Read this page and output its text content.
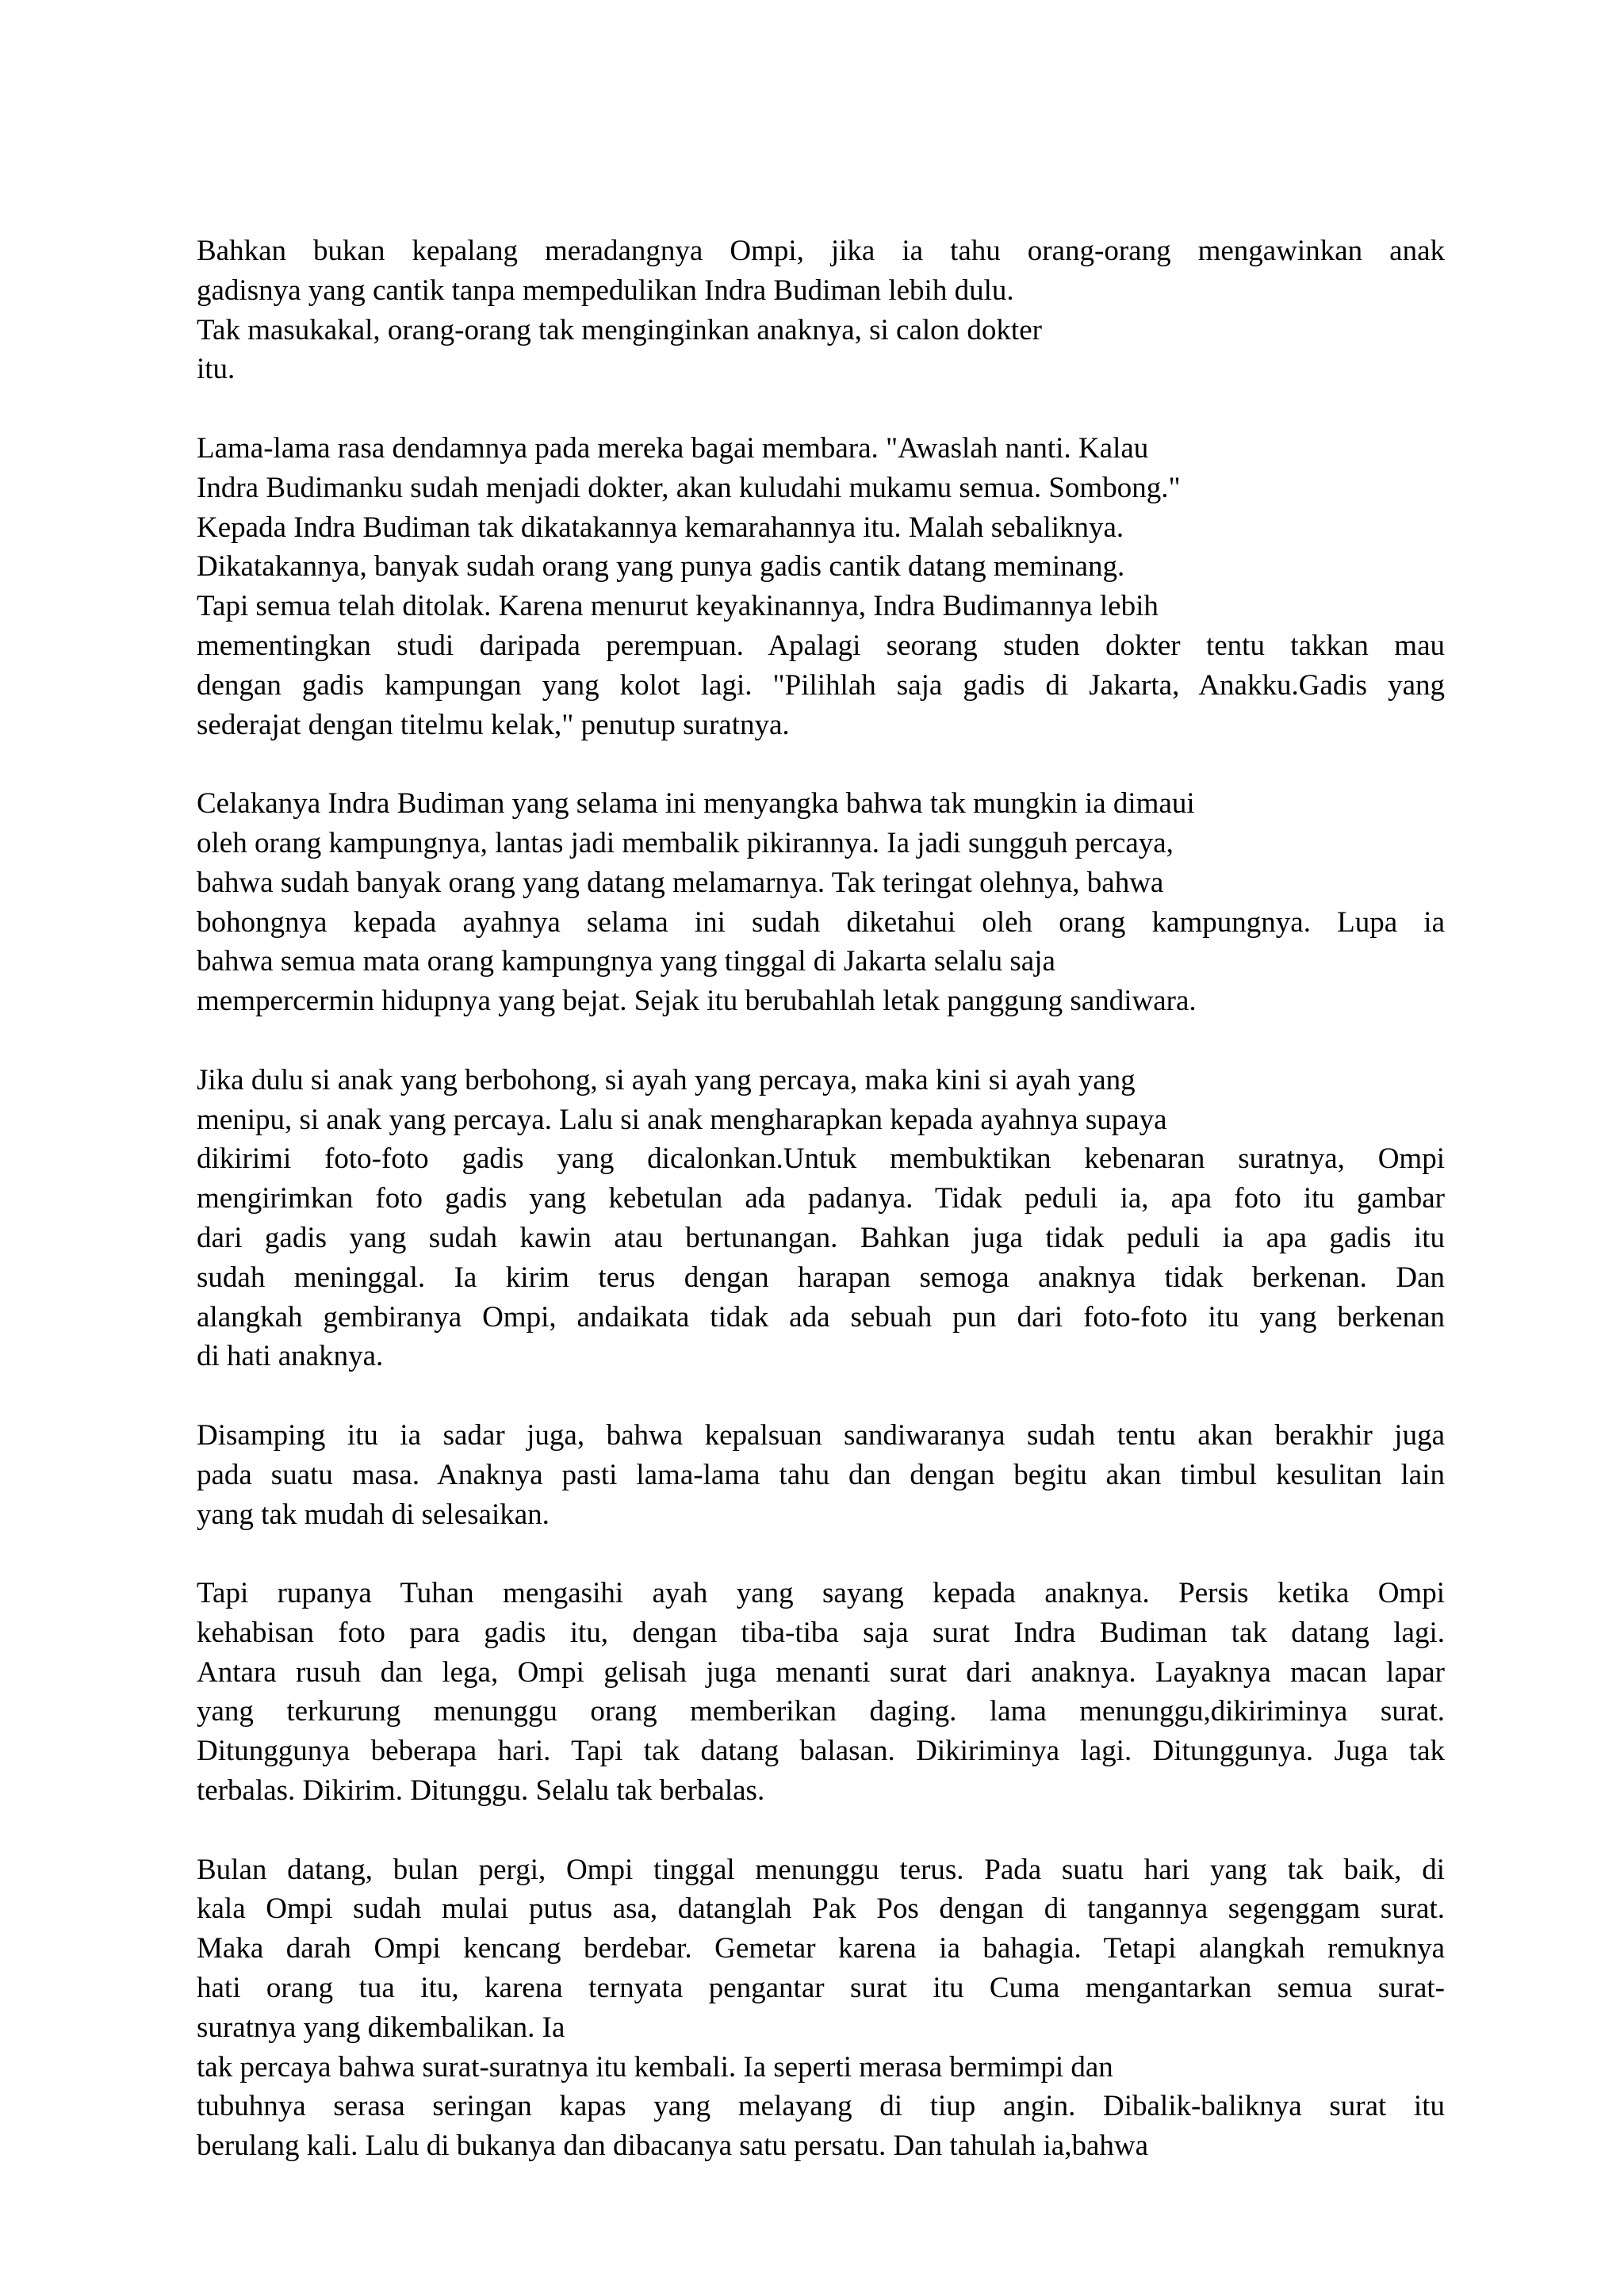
Bahkan bukan kepalang meradangnya Ompi, jika ia tahu orang-orang mengawinkan anak
gadisnya yang cantik tanpa mempedulikan Indra Budiman lebih dulu.
Tak masukakal, orang-orang tak menginginkan anaknya, si calon dokter
itu.
Lama-lama rasa dendamnya pada mereka bagai membara. "Awaslah nanti. Kalau
Indra Budimanku sudah menjadi dokter, akan kuludahi mukamu semua. Sombong."
Kepada Indra Budiman tak dikatakannya kemarahannya itu. Malah sebaliknya.
Dikatakannya, banyak sudah orang yang punya gadis cantik datang meminang.
Tapi semua telah ditolak. Karena menurut keyakinannya, Indra Budimannya lebih
mementingkan studi daripada perempuan. Apalagi seorang studen dokter tentu takkan mau
dengan gadis kampungan yang kolot lagi. "Pilihlah saja gadis di Jakarta, Anakku.Gadis yang
sederajat dengan titelmu kelak," penutup suratnya.
Celakanya Indra Budiman yang selama ini menyangka bahwa tak mungkin ia dimaui
oleh orang kampungnya, lantas jadi membalik pikirannya. Ia jadi sungguh percaya,
bahwa sudah banyak orang yang datang melamarnya. Tak teringat olehnya, bahwa
bohongnya kepada ayahnya selama ini sudah diketahui oleh orang kampungnya. Lupa ia
bahwa semua mata orang kampungnya yang tinggal di Jakarta selalu saja
mempercermin hidupnya yang bejat. Sejak itu berubahlah letak panggung sandiwara.
Jika dulu si anak yang berbohong, si ayah yang percaya, maka kini si ayah yang
menipu, si anak yang percaya. Lalu si anak mengharapkan kepada ayahnya supaya
dikirimi foto-foto gadis yang dicalonkan.Untuk membuktikan kebenaran suratnya, Ompi
mengirimkan foto gadis yang kebetulan ada padanya. Tidak peduli ia, apa foto itu gambar
dari gadis yang sudah kawin atau bertunangan. Bahkan juga tidak peduli ia apa gadis itu
sudah meninggal. Ia kirim terus dengan harapan semoga anaknya tidak berkenan. Dan
alangkah gembiranya Ompi, andaikata tidak ada sebuah pun dari foto-foto itu yang berkenan
di hati anaknya.
Disamping itu ia sadar juga, bahwa kepalsuan sandiwaranya sudah tentu akan berakhir juga
pada suatu masa. Anaknya pasti lama-lama tahu dan dengan begitu akan timbul kesulitan lain
yang tak mudah di selesaikan.
Tapi rupanya Tuhan mengasihi ayah yang sayang kepada anaknya. Persis ketika Ompi
kehabisan foto para gadis itu, dengan tiba-tiba saja surat Indra Budiman tak datang lagi.
Antara rusuh dan lega, Ompi gelisah juga menanti surat dari anaknya. Layaknya macan lapar
yang terkurung menunggu orang memberikan daging. lama menunggu,dikiriminya surat.
Ditunggunya beberapa hari. Tapi tak datang balasan. Dikiriminya lagi. Ditunggunya. Juga tak
terbalas. Dikirim. Ditunggu. Selalu tak berbalas.
Bulan datang, bulan pergi, Ompi tinggal menunggu terus. Pada suatu hari yang tak baik, di
kala Ompi sudah mulai putus asa, datanglah Pak Pos dengan di tangannya segenggam surat.
Maka darah Ompi kencang berdebar. Gemetar karena ia bahagia. Tetapi alangkah remuknya
hati orang tua itu, karena ternyata pengantar surat itu Cuma mengantarkan semua surat-
suratnya yang dikembalikan. Ia
tak percaya bahwa surat-suratnya itu kembali. Ia seperti merasa bermimpi dan
tubuhnya serasa seringan kapas yang melayang di tiup angin. Dibalik-baliknya surat itu
berulang kali. Lalu di bukanya dan dibacanya satu persatu. Dan tahulah ia,bahwa
